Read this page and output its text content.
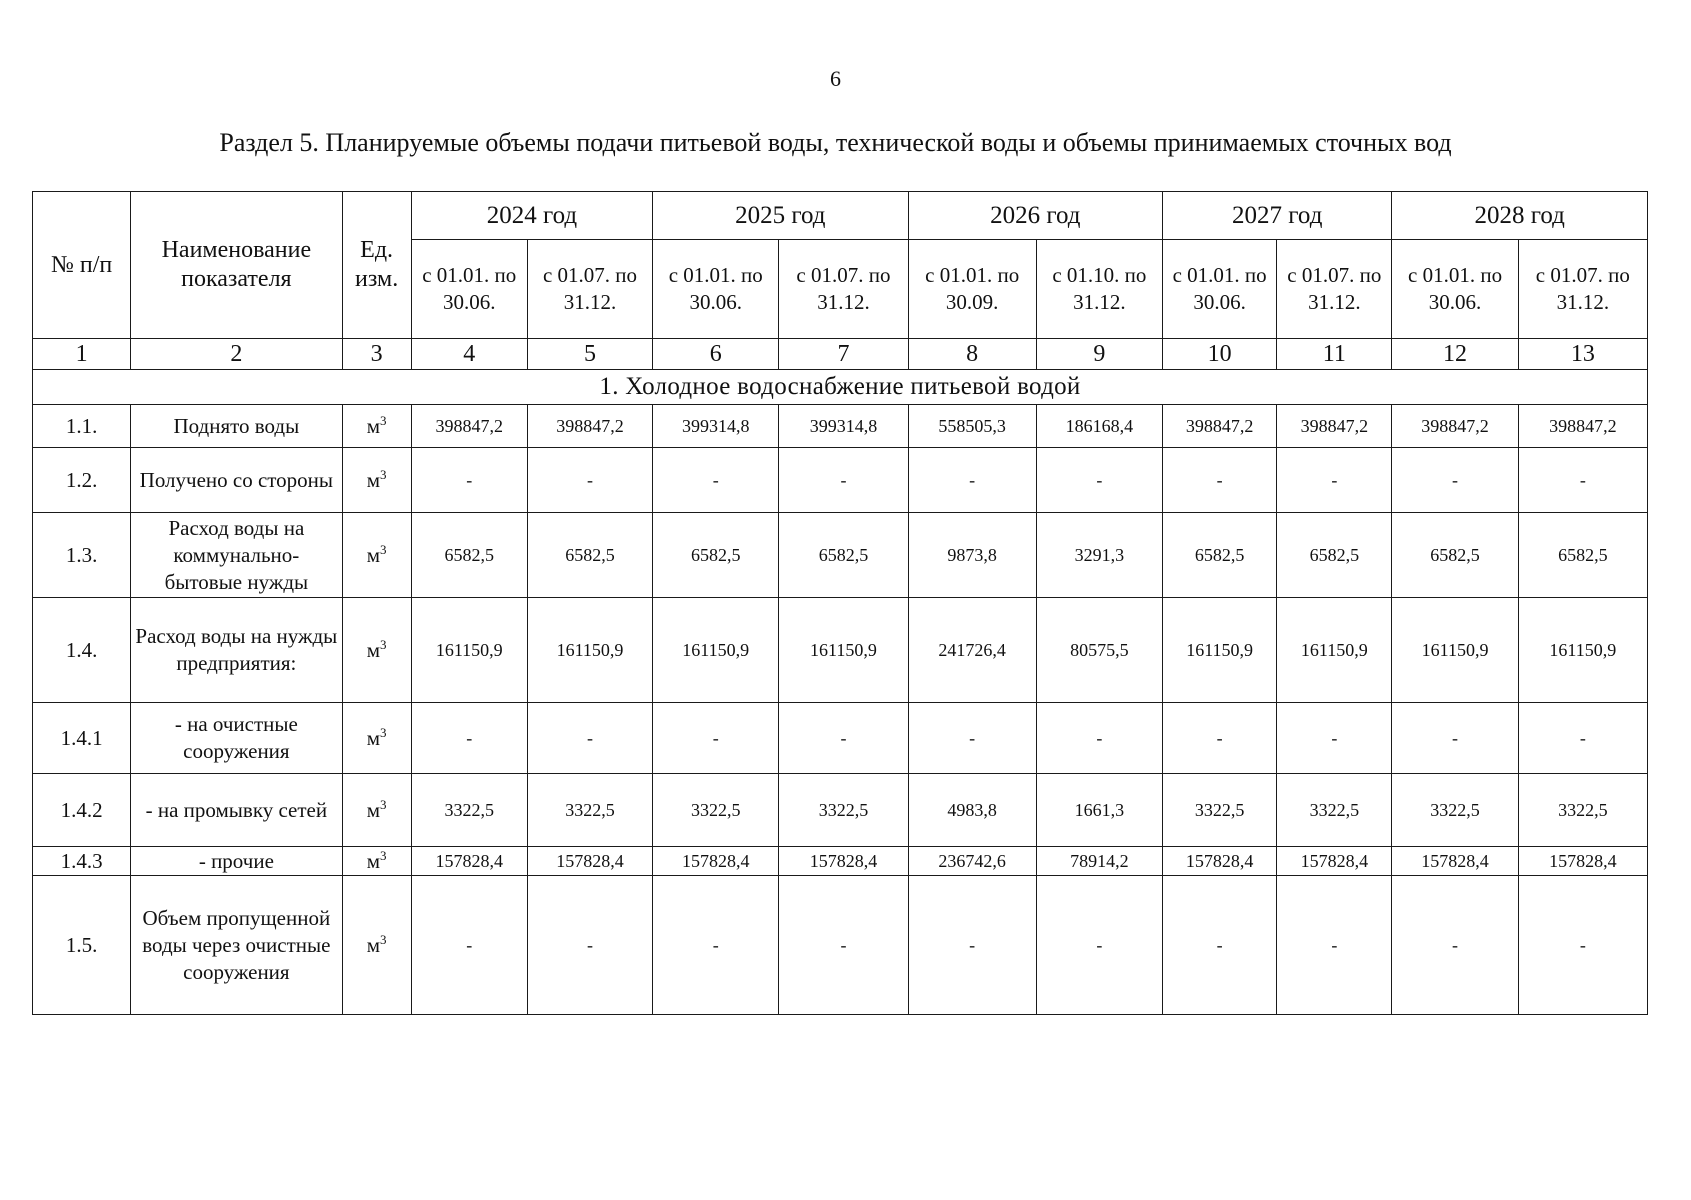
6
Раздел 5. Планируемые объемы подачи питьевой воды, технической воды и объемы принимаемых сточных вод
№ п/п	Наименование показателя	Ед. изм.	2024 год		2025 год		2026 год		2027 год		2028 год	
			с 01.01. по 30.06.	с 01.07. по 31.12.	с 01.01. по 30.06.	с 01.07. по 31.12.	с 01.01. по 30.09.	с 01.10. по 31.12.	с 01.01. по 30.06.	с 01.07. по 31.12.	с 01.01. по 30.06.	с 01.07. по 31.12.
1	2	3	4	5	6	7	8	9	10	11	12	13
1. Холодное водоснабжение питьевой водой												
1.1.	Поднято воды	$м^3$	398847,2	398847,2	399314,8	399314,8	558505,3	186168,4	398847,2	398847,2	398847,2	398847,2
1.2.	Получено со стороны	$м^3$	-	-	-	-	-	-	-	-	-	-
1.3.	Расход воды на коммунально-бытовые нужды	$м^3$	6582,5	6582,5	6582,5	6582,5	9873,8	3291,3	6582,5	6582,5	6582,5	6582,5
1.4.	Расход воды на нужды предприятия:	$м^3$	161150,9	161150,9	161150,9	161150,9	241726,4	80575,5	161150,9	161150,9	161150,9	161150,9
1.4.1	- на очистные сооружения	$м^3$	-	-	-	-	-	-	-	-	-	-
1.4.2	- на промывку сетей	$м^3$	3322,5	3322,5	3322,5	3322,5	4983,8	1661,3	3322,5	3322,5	3322,5	3322,5
1.4.3	- прочие	$м^3$	157828,4	157828,4	157828,4	157828,4	236742,6	78914,2	157828,4	157828,4	157828,4	157828,4
1.5.	Объем пропущенной воды через очистные сооружения	$м^3$	-	-	-	-	-	-	-	-	-	-
